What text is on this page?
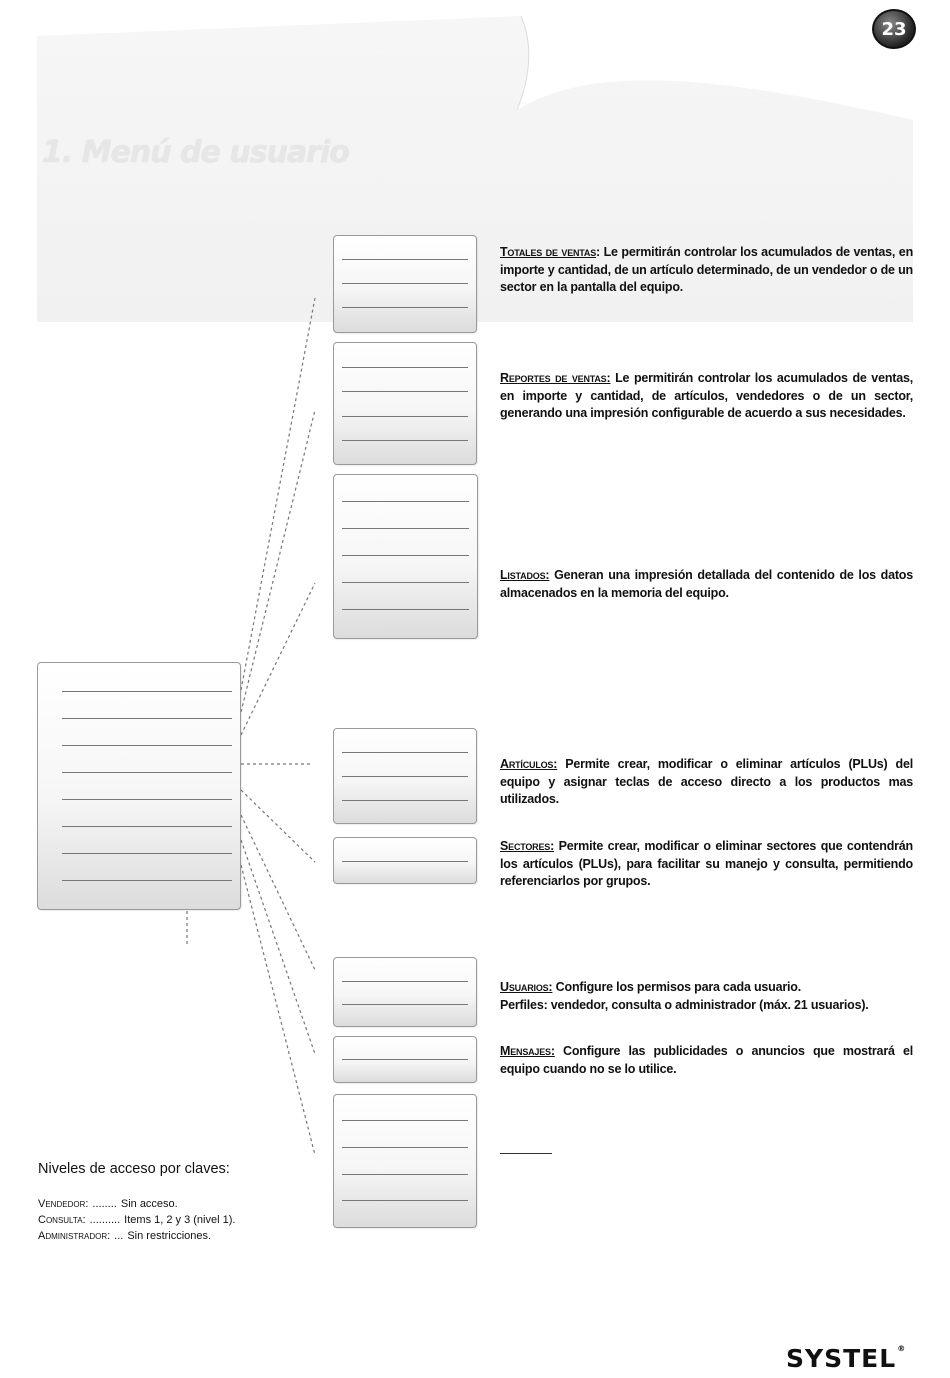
1. Menú de usuario
23
Totales de ventas: Le permitirán controlar los acumulados de ventas, en importe y cantidad, de un artículo determinado, de un vendedor o de un sector en la pantalla del equipo.
Reportes de ventas: Le permitirán controlar los acumulados de ventas, en importe y cantidad, de artículos, vendedores o de un sector, generando una impresión configurable de acuerdo a sus necesidades.
Listados: Generan una impresión detallada del contenido de los datos almacenados en la memoria del equipo.
Artículos: Permite crear, modificar o eliminar artículos (PLUs) del equipo y asignar teclas de acceso directo a los productos mas utilizados.
Sectores: Permite crear, modificar o eliminar sectores que contendrán los artículos (PLUs), para facilitar su manejo y consulta, permitiendo referenciarlos por grupos.
Usuarios: Configure los permisos para cada usuario.
Perfiles: vendedor, consulta o administrador (máx. 21 usuarios).
Mensajes: Configure las publicidades o anuncios que mostrará el equipo cuando no se lo utilice.
Niveles de acceso por claves:
Vendedor: ........ Sin acceso.
Consulta: .......... Items 1, 2 y 3 (nivel 1).
Administrador: ... Sin restricciones.
SYSTEL®
